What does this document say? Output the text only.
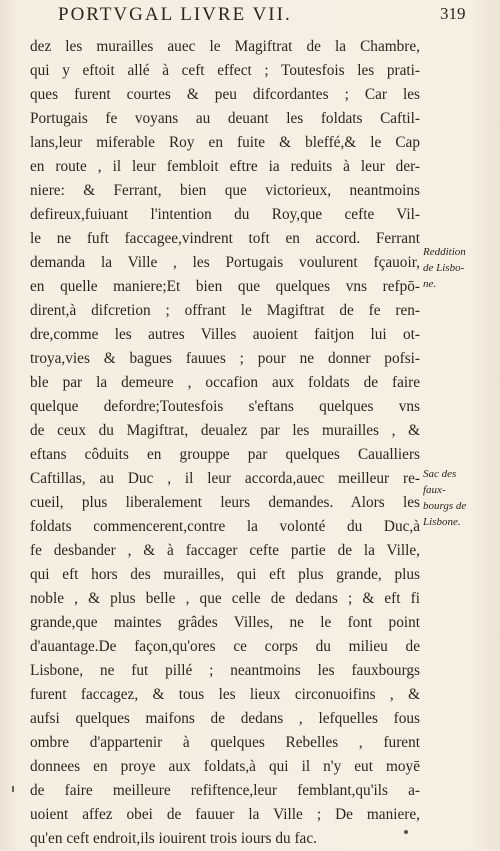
PORTVGAL LIVRE VII.	319
dez les murailles auec le Magiftrat de la Chambre,
qui y eftoit allé à ceft effect ; Toutesfois les prati-
ques furent courtes & peu difcordantes ; Car les
Portugais fe voyans au deuant les foldats Caftil-
lans,leur miferable Roy en fuite & bleffé,& le Cap
en route , il leur fembloit eftre ia reduits à leur der-
niere: & Ferrant, bien que victorieux, neantmoins
defireux,fuiuant l'intention du Roy,que cefte Vil-
le ne fuft faccagee,vindrent toft en accord. Ferrant
demanda la Ville , les Portugais voulurent fçauoir,
en quelle maniere;Et bien que quelques vns refpō-
dirent,à difcretion ; offrant le Magiftrat de fe ren-
dre,comme les autres Villes auoient faitjon lui ot-
troya,vies & bagues fauues ; pour ne donner pofsi-
ble par la demeure , occafion aux foldats de faire
quelque defordre;Toutesfois s'eftans quelques vns
de ceux du Magiftrat, deualez par les murailles , &
eftans côduits en grouppe par quelques Caualliers
Caftillas, au Duc , il leur accorda,auec meilleur re-
cueil, plus liberalement leurs demandes. Alors les
foldats commencerent,contre la volonté du Duc,à
fe desbander , & à faccager cefte partie de la Ville,
qui eft hors des murailles, qui eft plus grande, plus
noble , & plus belle , que celle de dedans ; & eft fi
grande,que maintes grâdes Villes, ne le font point
d'auantage.De façon,qu'ores ce corps du milieu de
Lisbone, ne fut pillé ; neantmoins les fauxbourgs
furent faccagez, & tous les lieux circonuoifins , &
aufsi quelques maifons de dedans , lefquelles fous
ombre d'appartenir à quelques Rebelles , furent
donnees en proye aux foldats,à qui il n'y eut moyē
de faire meilleure refiftence,leur femblant,qu'ils a-
uoient affez obei de fauuer la Ville ; De maniere,
qu'en ceft endroit,ils iouirent trois iours du fac.
Reddition
de Lisbo-
ne.
Sac des
faux-
bourgs de
Lisbone.
